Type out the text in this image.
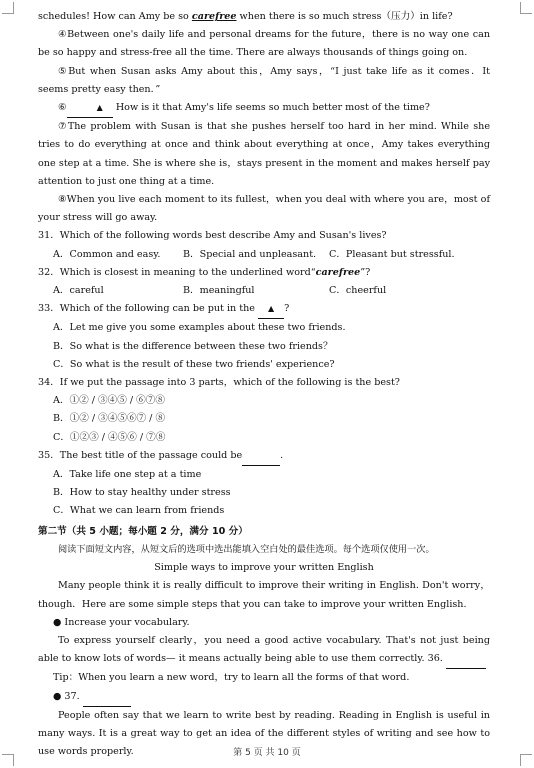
schedules! How can Amy be so carefree when there is so much stress（压力）in life?
④Between one's daily life and personal dreams for the future，there is no way one can be so happy and stress-free all the time. There are always thousands of things going on.
⑤But when Susan asks Amy about this，Amy says，“I just take life as it comes．It seems pretty easy then．”
⑥	▲ How is it that Amy's life seems so much better most of the time?
⑦The problem with Susan is that she pushes herself too hard in her mind. While she tries to do everything at once and think about everything at once，Amy takes everything one step at a time. She is where she is，stays present in the moment and makes herself pay attention to just one thing at a time.
⑧When you live each moment to its fullest，when you deal with where you are，most of your stress will go away.
31．Which of the following words best describe Amy and Susan's lives?
A．Common and easy.	B．Special and unpleasant.	C．Pleasant but stressful.
32．Which is closest in meaning to the underlined word“carefree”?
A．careful	B．meaningful	C．cheerful
33．Which of the following can be put in the ▲ ?
A．Let me give you some examples about these two friends.
B．So what is the difference between these two friends？
C．So what is the result of these two friends' experience?
34．If we put the passage into 3 parts，which of the following is the best?
A．①② / ③④⑤ / ⑥⑦⑧
B．①② / ③④⑤⑥⑦ / ⑧
C．①②③ / ④⑤⑥ / ⑦⑧
35．The best title of the passage could be	.
A．Take life one step at a time
B．How to stay healthy under stress
C．What we can learn from friends
第二节（共 5 小题；每小题 2 分，满分 10 分）
阅读下面短文内容，从短文后的选项中选出能填入空白处的最佳选项。每个选项仅使用一次。
Simple ways to improve your written English
Many people think it is really difficult to improve their writing in English. Don't worry，though．Here are some simple steps that you can take to improve your written English.
● Increase your vocabulary.
To express yourself clearly，you need a good active vocabulary. That's not just being able to know lots of words— it means actually being able to use them correctly. 36.
Tip：When you learn a new word，try to learn all the forms of that word.
● 37.
People often say that we learn to write best by reading. Reading in English is useful in many ways. It is a great way to get an idea of the different styles of writing and see how to use words properly.	第 5 页 共 10 页
